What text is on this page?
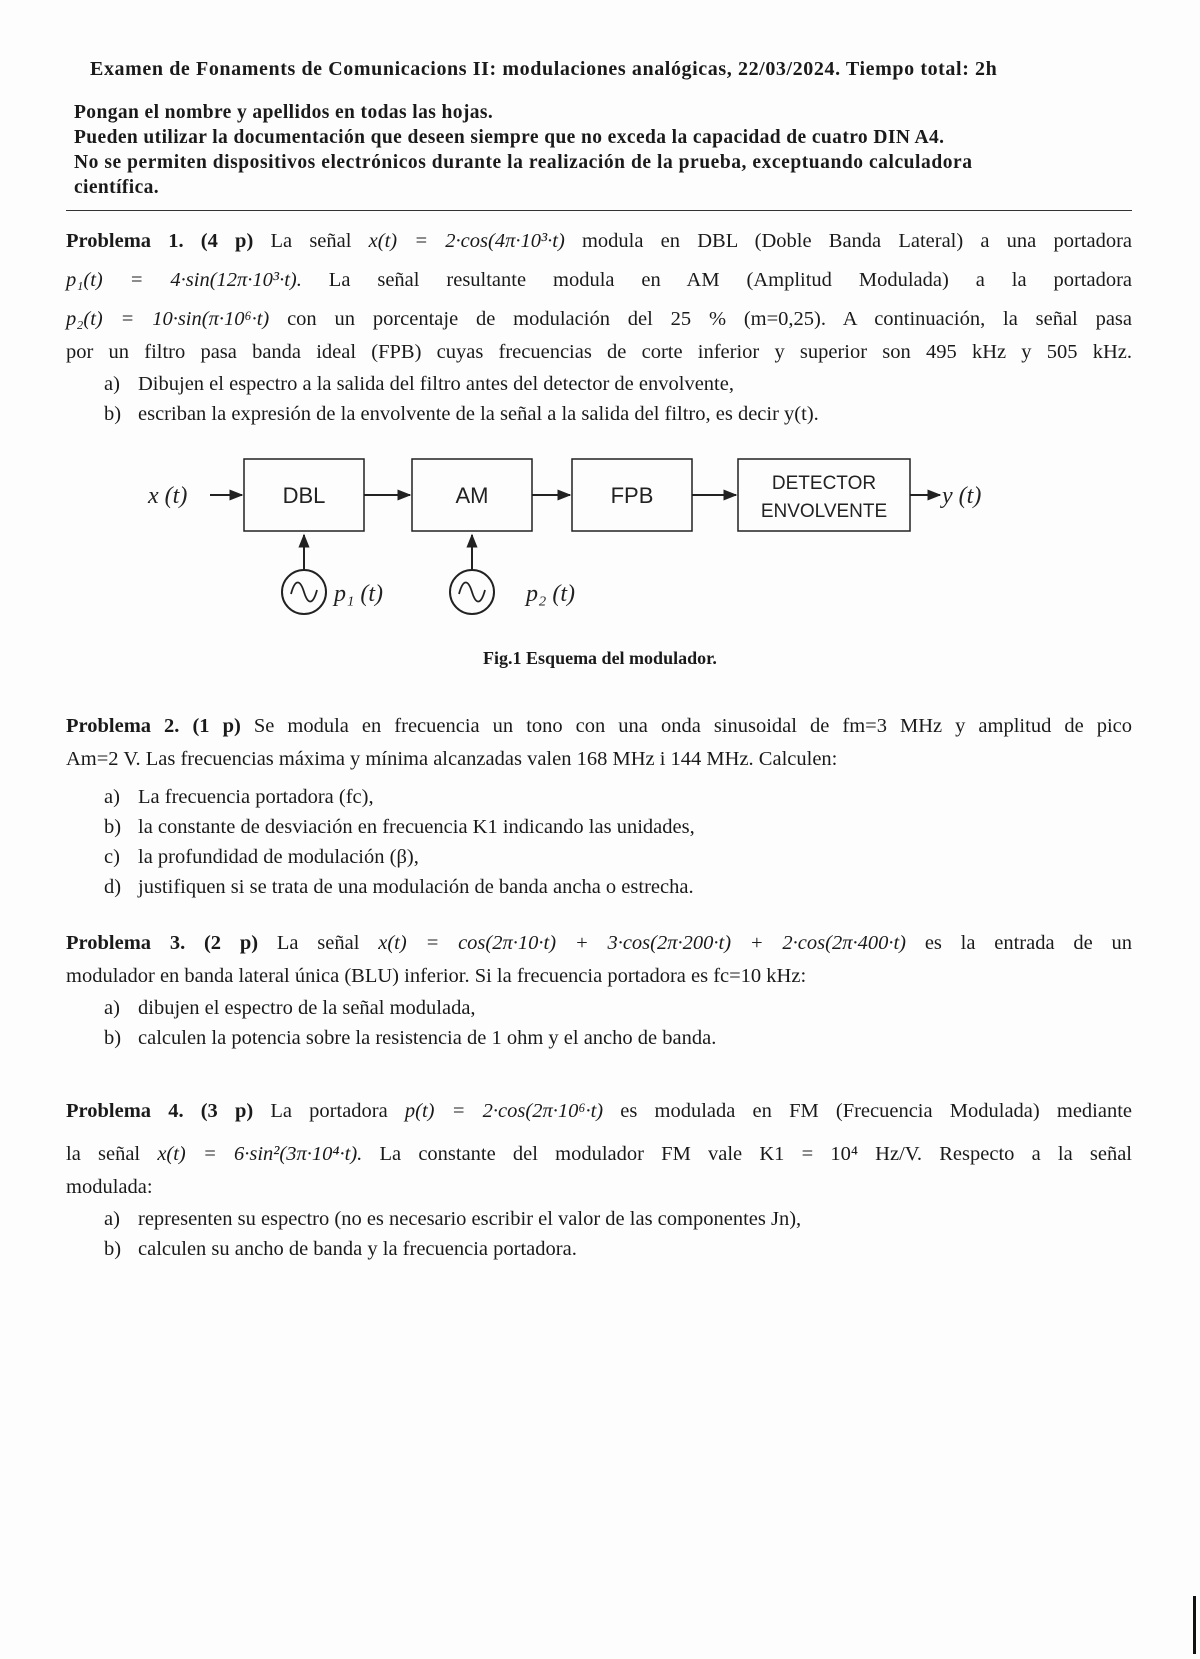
Examen de Fonaments de Comunicacions II: modulaciones analógicas, 22/03/2024. Tiempo total: 2h
Pongan el nombre y apellidos en todas las hojas.
Pueden utilizar la documentación que deseen siempre que no exceda la capacidad de cuatro DIN A4.
No se permiten dispositivos electrónicos durante la realización de la prueba, exceptuando calculadora
científica.
Problema 1. (4 p) La señal x(t) = 2·cos(4π·10³·t) modula en DBL (Doble Banda Lateral) a una portadora
p₁(t) = 4·sin(12π·10³·t). La señal resultante modula en AM (Amplitud Modulada) a la portadora
p₂(t) = 10·sin(π·10⁶·t) con un porcentaje de modulación del 25 % (m=0,25). A continuación, la señal pasa
por un filtro pasa banda ideal (FPB) cuyas frecuencias de corte inferior y superior son 495 kHz y 505 kHz.
a) Dibujen el espectro a la salida del filtro antes del detector de envolvente,
b) escriban la expresión de la envolvente de la señal a la salida del filtro, es decir y(t).
x (t)	DBL	AM	FPB	DETECTOR
ENVOLVENTE
y (t)
p₁ (t)	p₂ (t)
Fig.1 Esquema del modulador.
Problema 2. (1 p) Se modula en frecuencia un tono con una onda sinusoidal de fm=3 MHz y amplitud de pico
Am=2 V. Las frecuencias máxima y mínima alcanzadas valen 168 MHz i 144 MHz. Calculen:
a) La frecuencia portadora (fc),
b) la constante de desviación en frecuencia K1 indicando las unidades,
c) la profundidad de modulación (β),
d) justifiquen si se trata de una modulación de banda ancha o estrecha.
Problema 3. (2 p) La señal x(t) = cos(2π·10·t) + 3·cos(2π·200·t) + 2·cos(2π·400·t) es la entrada de un
modulador en banda lateral única (BLU) inferior. Si la frecuencia portadora es fc=10 kHz:
a) dibujen el espectro de la señal modulada,
b) calculen la potencia sobre la resistencia de 1 ohm y el ancho de banda.
Problema 4. (3 p) La portadora p(t) = 2·cos(2π·10⁶·t) es modulada en FM (Frecuencia Modulada) mediante
la señal x(t) = 6·sin²(3π·10⁴·t). La constante del modulador FM vale K1 = 10⁴ Hz/V. Respecto a la señal
modulada:
a) representen su espectro (no es necesario escribir el valor de las componentes Jn),
b) calculen su ancho de banda y la frecuencia portadora.
